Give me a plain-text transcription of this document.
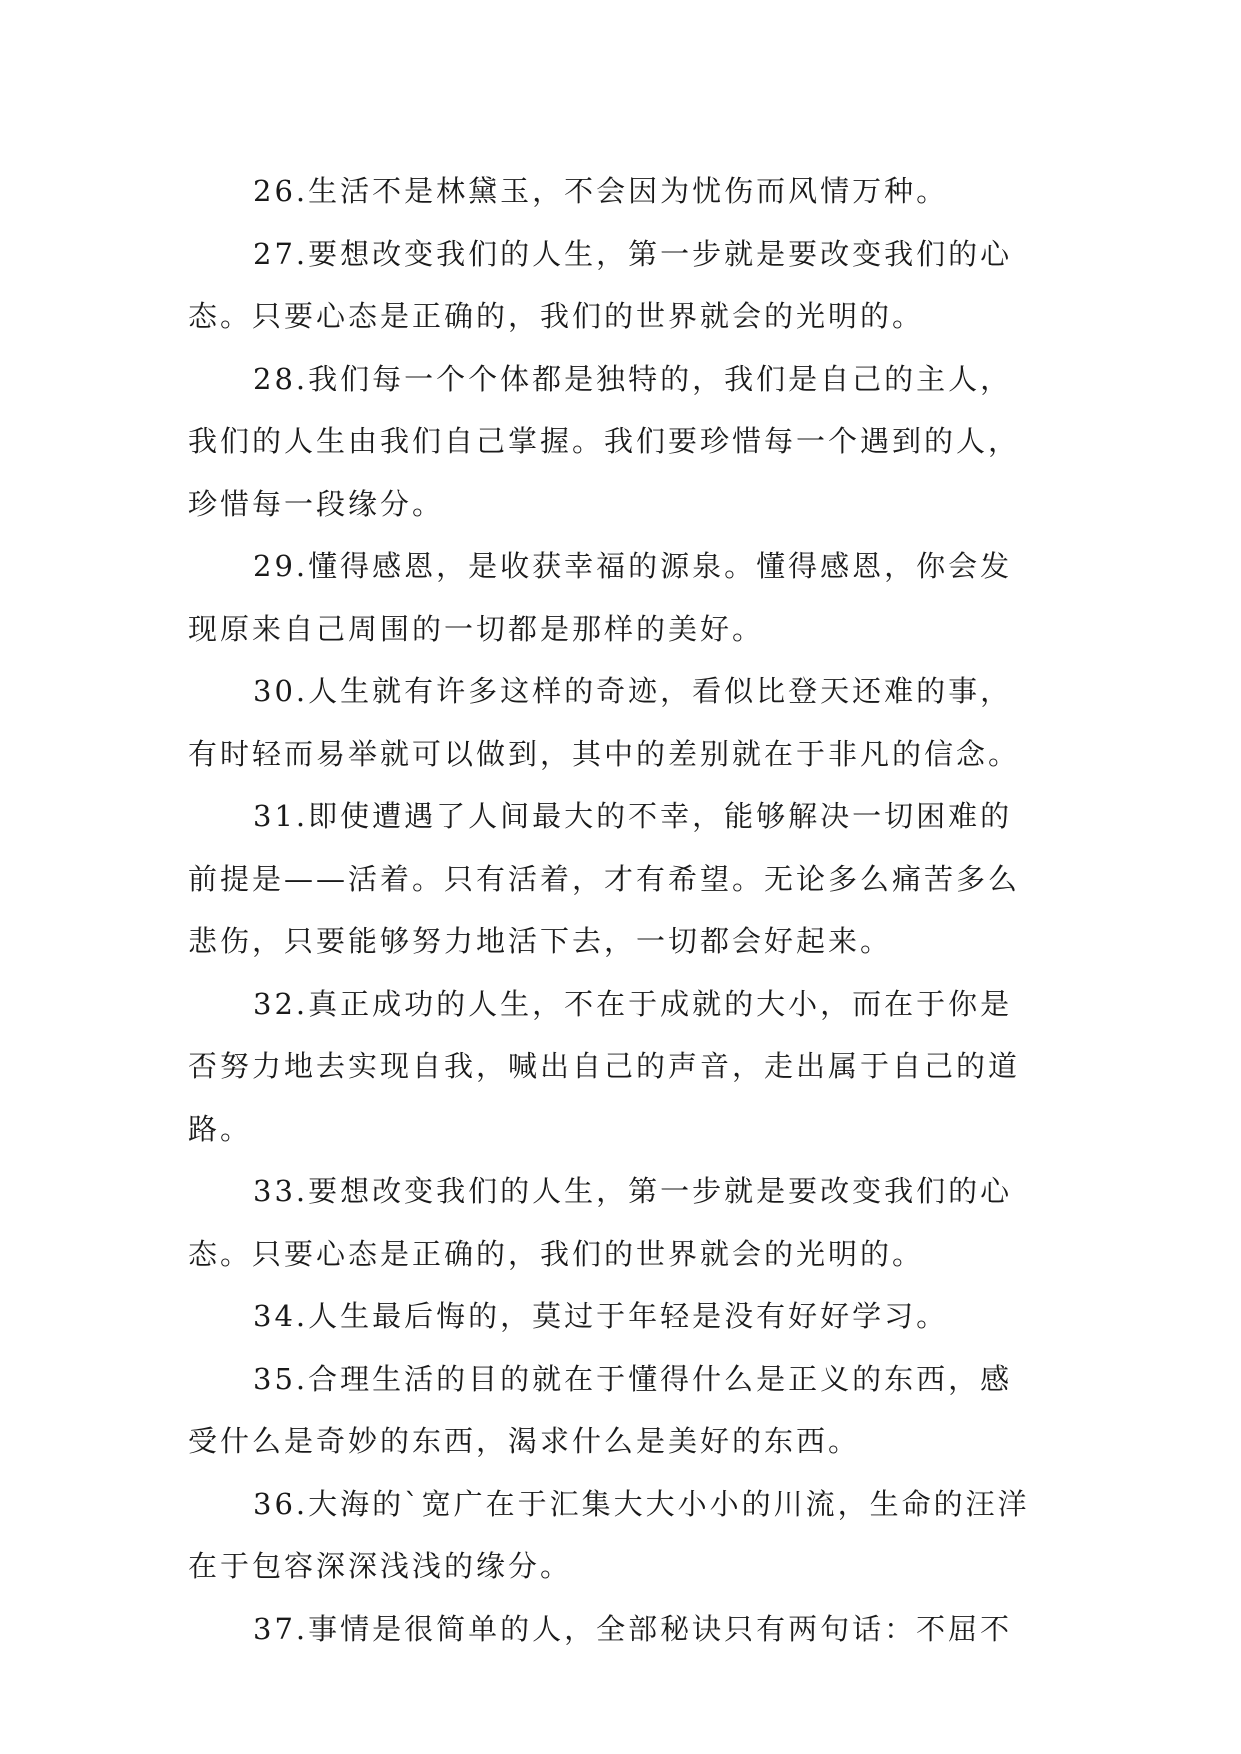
26.生活不是林黛玉，不会因为忧伤而风情万种。

27.要想改变我们的人生，第一步就是要改变我们的心
态。只要心态是正确的，我们的世界就会的光明的。

28.我们每一个个体都是独特的，我们是自己的主人，
我们的人生由我们自己掌握。我们要珍惜每一个遇到的人，
珍惜每一段缘分。

29.懂得感恩，是收获幸福的源泉。懂得感恩，你会发
现原来自己周围的一切都是那样的美好。

30.人生就有许多这样的奇迹，看似比登天还难的事，
有时轻而易举就可以做到，其中的差别就在于非凡的信念。

31.即使遭遇了人间最大的不幸，能够解决一切困难的
前提是——活着。只有活着，才有希望。无论多么痛苦多么
悲伤，只要能够努力地活下去，一切都会好起来。

32.真正成功的人生，不在于成就的大小，而在于你是
否努力地去实现自我，喊出自己的声音，走出属于自己的道
路。

33.要想改变我们的人生，第一步就是要改变我们的心
态。只要心态是正确的，我们的世界就会的光明的。

34.人生最后悔的，莫过于年轻是没有好好学习。

35.合理生活的目的就在于懂得什么是正义的东西，感
受什么是奇妙的东西，渴求什么是美好的东西。

36.大海的`宽广在于汇集大大小小的川流，生命的汪洋
在于包容深深浅浅的缘分。

37.事情是很简单的人，全部秘诀只有两句话：不屈不
